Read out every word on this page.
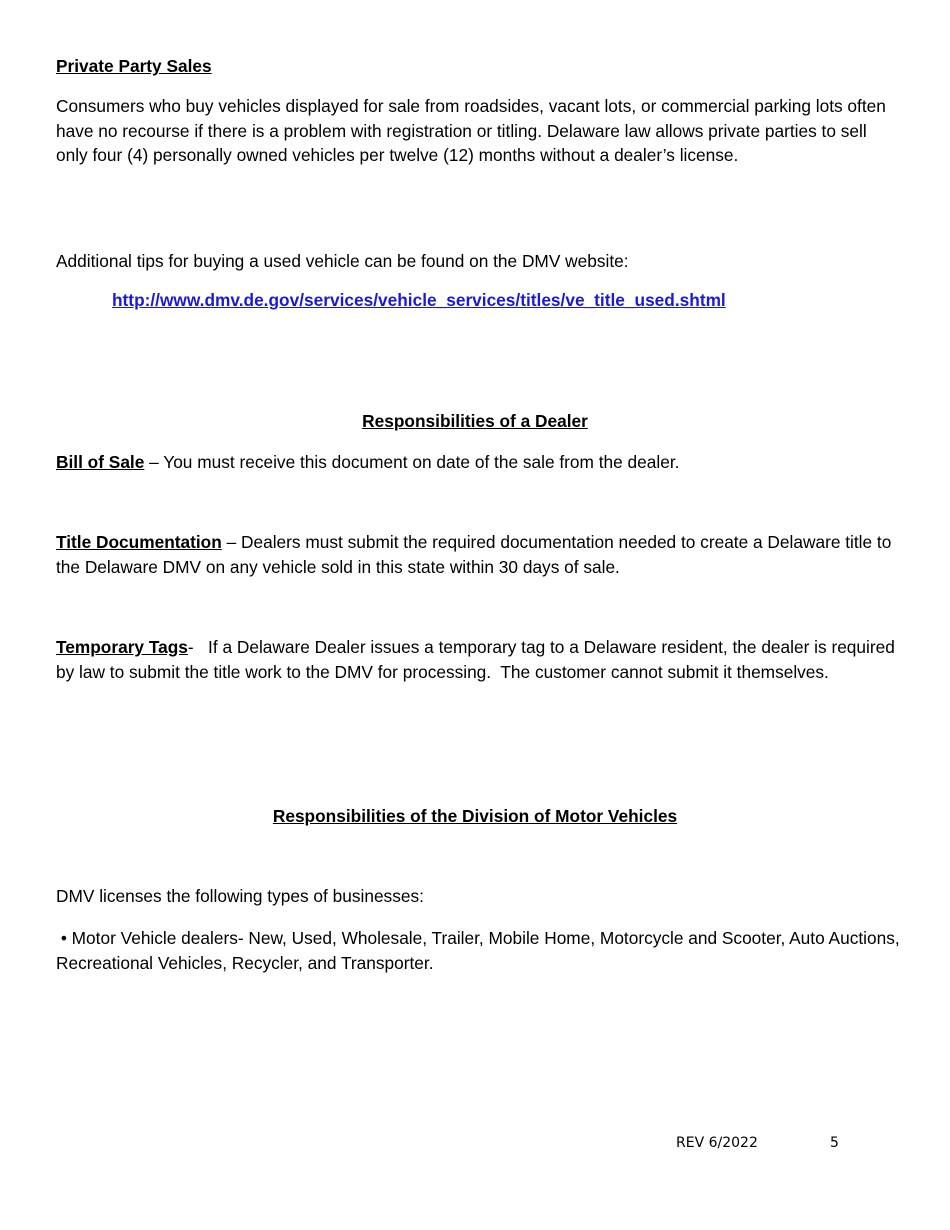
Private Party Sales

Consumers who buy vehicles displayed for sale from roadsides, vacant lots, or commercial parking lots often have no recourse if there is a problem with registration or titling. Delaware law allows private parties to sell only four (4) personally owned vehicles per twelve (12) months without a dealer’s license.

Additional tips for buying a used vehicle can be found on the DMV website:

http://www.dmv.de.gov/services/vehicle_services/titles/ve_title_used.shtml

Responsibilities of a Dealer

Bill of Sale – You must receive this document on date of the sale from the dealer.

Title Documentation – Dealers must submit the required documentation needed to create a Delaware title to the Delaware DMV on any vehicle sold in this state within 30 days of sale.

Temporary Tags-   If a Delaware Dealer issues a temporary tag to a Delaware resident, the dealer is required by law to submit the title work to the DMV for processing.  The customer cannot submit it themselves.

Responsibilities of the Division of Motor Vehicles

DMV licenses the following types of businesses:

• Motor Vehicle dealers- New, Used, Wholesale, Trailer, Mobile Home, Motorcycle and Scooter, Auto Auctions, Recreational Vehicles, Recycler, and Transporter.

REV 6/2022	5
